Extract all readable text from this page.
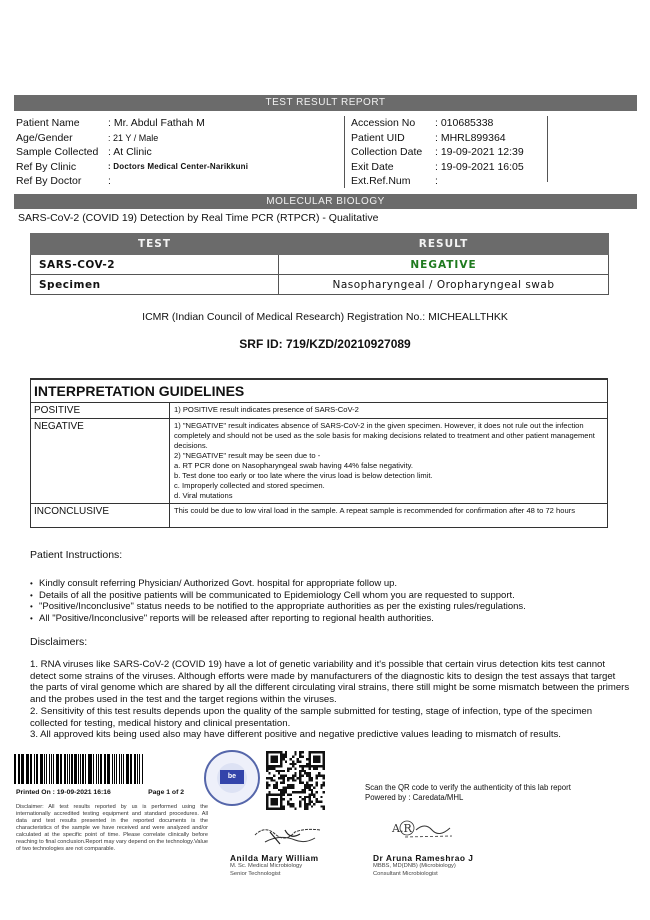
TEST RESULT REPORT
Patient Name	: Mr. Abdul Fathah M
Age/Gender	: 21 Y / Male
Sample Collected : At Clinic
Ref By Clinic	: Doctors Medical Center-Narikkuni
Ref By Doctor	:
Accession No	: 010685338
Patient UID	: MHRL899364
Collection Date	: 19-09-2021 12:39
Exit Date	: 19-09-2021 16:05
Ext.Ref.Num	:
MOLECULAR BIOLOGY
SARS-CoV-2 (COVID 19) Detection by Real Time PCR (RTPCR) - Qualitative
TEST	RESULT
SARS-COV-2	NEGATIVE
Specimen	Nasopharyngeal / Oropharyngeal swab
ICMR (Indian Council of Medical Research) Registration No.: MICHEALLTHKK
SRF ID: 719/KZD/20210927089
INTERPRETATION GUIDELINES	
POSITIVE	1) POSITIVE result indicates presence of SARS-CoV-2

NEGATIVE	1) "NEGATIVE" result indicates absence of SARS-CoV-2 in the given specimen. However, it does not rule out the infection completely and should not be used as the sole basis for making decisions related to treatment and other patient management decisions.
2) "NEGATIVE" result may be seen due to -
a. RT PCR done on Nasopharyngeal swab having 44% false negativity.
b. Test done too early or too late where the virus load is below detection limit.
c. Improperly collected and stored specimen.
d. Viral mutations

INCONCLUSIVE	This could be due to low viral load in the sample. A repeat sample is recommended for confirmation after 48 to 72 hours
Patient Instructions:
• Kindly consult referring Physician/ Authorized Govt. hospital for appropriate follow up.
• Details of all the positive patients will be communicated to Epidemiology Cell whom you are requested to support.
• "Positive/Inconclusive" status needs to be notified to the appropriate authorities as per the existing rules/regulations.
• All "Positive/Inconclusive" reports will be released after reporting to regional health authorities.
Disclaimers:
1. RNA viruses like SARS-CoV-2 (COVID 19) have a lot of genetic variability and it's possible that certain virus detection kits test cannot detect some strains of the viruses. Although efforts were made by manufacturers of the diagnostic kits to design the test assays that target the parts of viral genome which are shared by all the different circulating viral strains, there still might be some mismatch between the primers and the probes used in the test and the target regions within the viruses.
2. Sensitivity of this test results depends upon the quality of the sample submitted for testing, stage of infection, type of the specimen collected for testing, medical history and clinical presentation.
3. All approved kits being used also may have different positive and negative predictive values leading to mismatch of results.
Printed On : 19-09-2021 16:16	Page 1 of 2
Disclaimer: All test results reported by us is performed using the internationally accredited testing equipment and standard procedures. All data and test results presented in the reported documents is the characteristics of the sample we have received and were analyzed and/or calculated at the specific point of time. Please correlate clinically before reaching to final conclusion.Report may vary depend on the technology.Value of two technologies are not comparable.
be
Scan the QR code to verify the authenticity of this lab report
Powered by : Caredata/MHL
A.R
Anilda Mary William
M. Sc. Medical Microbiology
Senior Technologist
Dr Aruna Rameshrao J
MBBS, MD(DNB) (Microbiology)
Consultant Microbiologist
